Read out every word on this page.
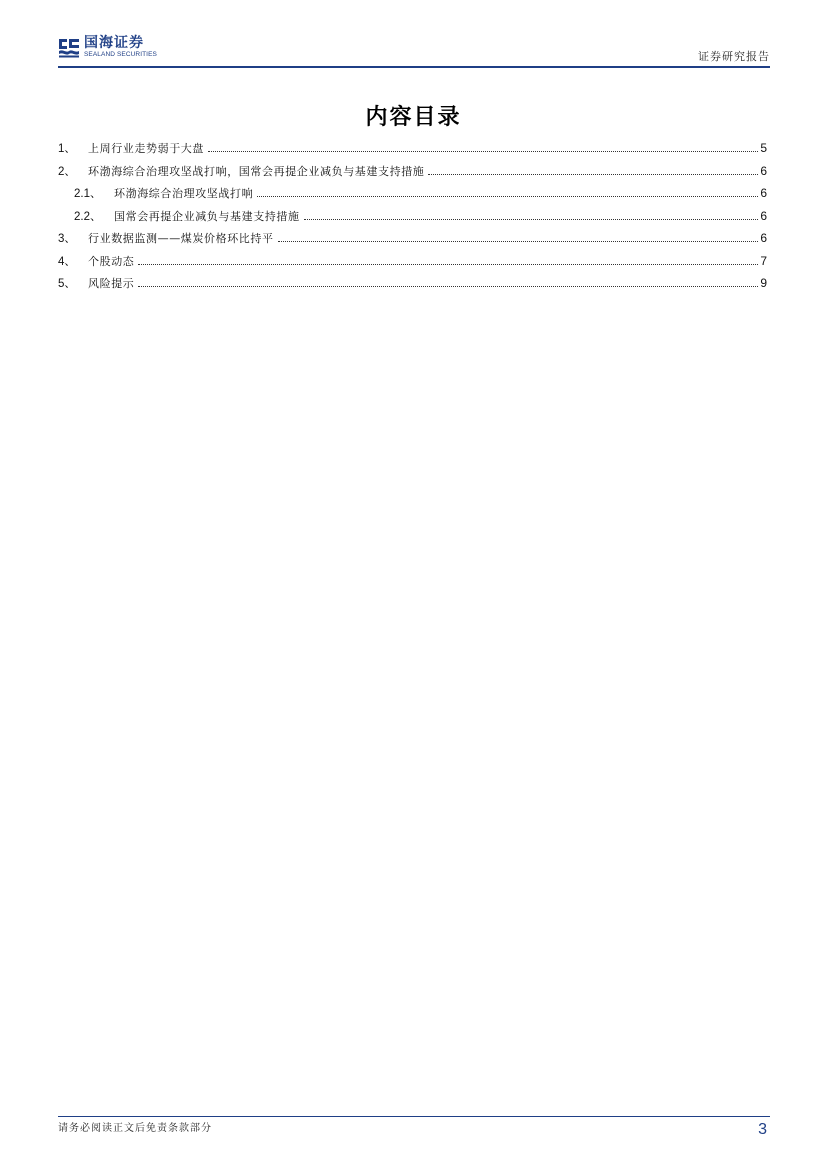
国海证券
SEALAND SECURITIES	证券研究报告
内容目录
1、	上周行业走势弱于大盘	5
2、	环渤海综合治理攻坚战打响，国常会再提企业减负与基建支持措施	6
2.1、	环渤海综合治理攻坚战打响	6
2.2、	国常会再提企业减负与基建支持措施	6
3、	行业数据监测——煤炭价格环比持平	6
4、	个股动态	7
5、	风险提示	9
请务必阅读正文后免责条款部分	3
